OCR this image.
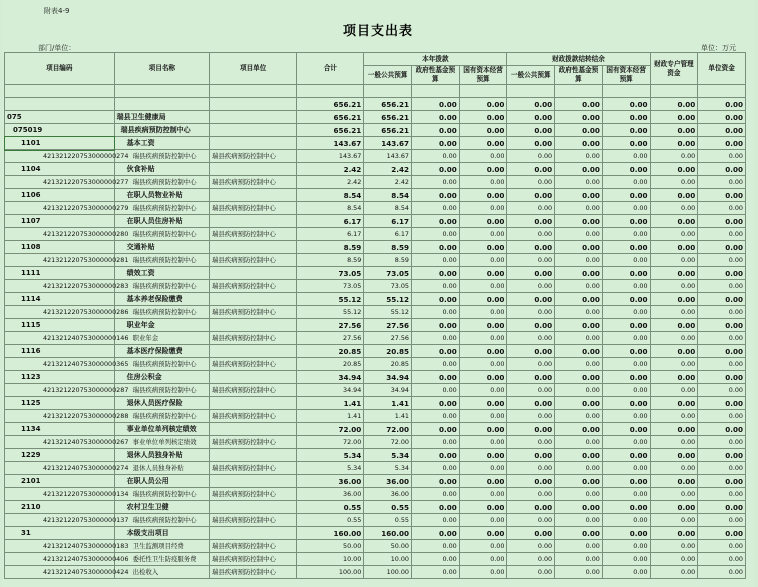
附表4-9
项目支出表
部门/单位：	单位：万元
项目编码	项目名称	项目单位	合计	本年拨款			财政拨款结转结余			财政专户管理资金	单位资金
				一般公共预算	政府性基金预算	国有资本经营预算	一般公共预算	政府性基金预算	国有资本经营预算		

			656.21	656.21	0.00	0.00	0.00	0.00	0.00	0.00	0.00
075	瑞县卫生健康局		656.21	656.21	0.00	0.00	0.00	0.00	0.00	0.00	0.00
075019	瑞县疾病预防控制中心		656.21	656.21	0.00	0.00	0.00	0.00	0.00	0.00	0.00
1101	基本工资		143.67	143.67	0.00	0.00	0.00	0.00	0.00	0.00	0.00
421321220753000000274	瑞县疾病预防控制中心	瑞县疾病预防控制中心	143.67	143.67	0.00	0.00	0.00	0.00	0.00	0.00	0.00
1104	伙食补贴		2.42	2.42	0.00	0.00	0.00	0.00	0.00	0.00	0.00
421321220753000000277	瑞县疾病预防控制中心	瑞县疾病预防控制中心	2.42	2.42	0.00	0.00	0.00	0.00	0.00	0.00	0.00
1106	在职人员物业补贴		8.54	8.54	0.00	0.00	0.00	0.00	0.00	0.00	0.00
421321220753000000279	瑞县疾病预防控制中心	瑞县疾病预防控制中心	8.54	8.54	0.00	0.00	0.00	0.00	0.00	0.00	0.00
1107	在职人员住房补贴		6.17	6.17	0.00	0.00	0.00	0.00	0.00	0.00	0.00
421321220753000000280	瑞县疾病预防控制中心	瑞县疾病预防控制中心	6.17	6.17	0.00	0.00	0.00	0.00	0.00	0.00	0.00
1108	交通补贴		8.59	8.59	0.00	0.00	0.00	0.00	0.00	0.00	0.00
421321220753000000281	瑞县疾病预防控制中心	瑞县疾病预防控制中心	8.59	8.59	0.00	0.00	0.00	0.00	0.00	0.00	0.00
1111	绩效工资		73.05	73.05	0.00	0.00	0.00	0.00	0.00	0.00	0.00
421321220753000000283	瑞县疾病预防控制中心	瑞县疾病预防控制中心	73.05	73.05	0.00	0.00	0.00	0.00	0.00	0.00	0.00
1114	基本养老保险缴费		55.12	55.12	0.00	0.00	0.00	0.00	0.00	0.00	0.00
421321220753000000286	瑞县疾病预防控制中心	瑞县疾病预防控制中心	55.12	55.12	0.00	0.00	0.00	0.00	0.00	0.00	0.00
1115	职业年金		27.56	27.56	0.00	0.00	0.00	0.00	0.00	0.00	0.00
421321240753000000146	职业年金	瑞县疾病预防控制中心	27.56	27.56	0.00	0.00	0.00	0.00	0.00	0.00	0.00
1116	基本医疗保险缴费		20.85	20.85	0.00	0.00	0.00	0.00	0.00	0.00	0.00
421321240753000000365	瑞县疾病预防控制中心	瑞县疾病预防控制中心	20.85	20.85	0.00	0.00	0.00	0.00	0.00	0.00	0.00
1123	住房公积金		34.94	34.94	0.00	0.00	0.00	0.00	0.00	0.00	0.00
421321220753000000287	瑞县疾病预防控制中心	瑞县疾病预防控制中心	34.94	34.94	0.00	0.00	0.00	0.00	0.00	0.00	0.00
1125	退休人员医疗保险		1.41	1.41	0.00	0.00	0.00	0.00	0.00	0.00	0.00
421321220753000000288	瑞县疾病预防控制中心	瑞县疾病预防控制中心	1.41	1.41	0.00	0.00	0.00	0.00	0.00	0.00	0.00
1134	事业单位单列核定绩效		72.00	72.00	0.00	0.00	0.00	0.00	0.00	0.00	0.00
421321240753000000267	事业单位单列核定绩效	瑞县疾病预防控制中心	72.00	72.00	0.00	0.00	0.00	0.00	0.00	0.00	0.00
1229	退休人员独身补贴		5.34	5.34	0.00	0.00	0.00	0.00	0.00	0.00	0.00
421321240753000000274	退休人员独身补贴	瑞县疾病预防控制中心	5.34	5.34	0.00	0.00	0.00	0.00	0.00	0.00	0.00
2101	在职人员公用		36.00	36.00	0.00	0.00	0.00	0.00	0.00	0.00	0.00
421321220753000000134	瑞县疾病预防控制中心	瑞县疾病预防控制中心	36.00	36.00	0.00	0.00	0.00	0.00	0.00	0.00	0.00
2110	农村卫生卫健		0.55	0.55	0.00	0.00	0.00	0.00	0.00	0.00	0.00
421321220753000000137	瑞县疾病预防控制中心	瑞县疾病预防控制中心	0.55	0.55	0.00	0.00	0.00	0.00	0.00	0.00	0.00
31	本级支出项目		160.00	160.00	0.00	0.00	0.00	0.00	0.00	0.00	0.00
421321240753000000183	卫生监测项目经费	瑞县疾病预防控制中心	50.00	50.00	0.00	0.00	0.00	0.00	0.00	0.00	0.00
421321240753000000406	委托性卫生防疫服务费	瑞县疾病预防控制中心	10.00	10.00	0.00	0.00	0.00	0.00	0.00	0.00	0.00
421321240753000000424	出检收入	瑞县疾病预防控制中心	100.00	100.00	0.00	0.00	0.00	0.00	0.00	0.00	0.00
